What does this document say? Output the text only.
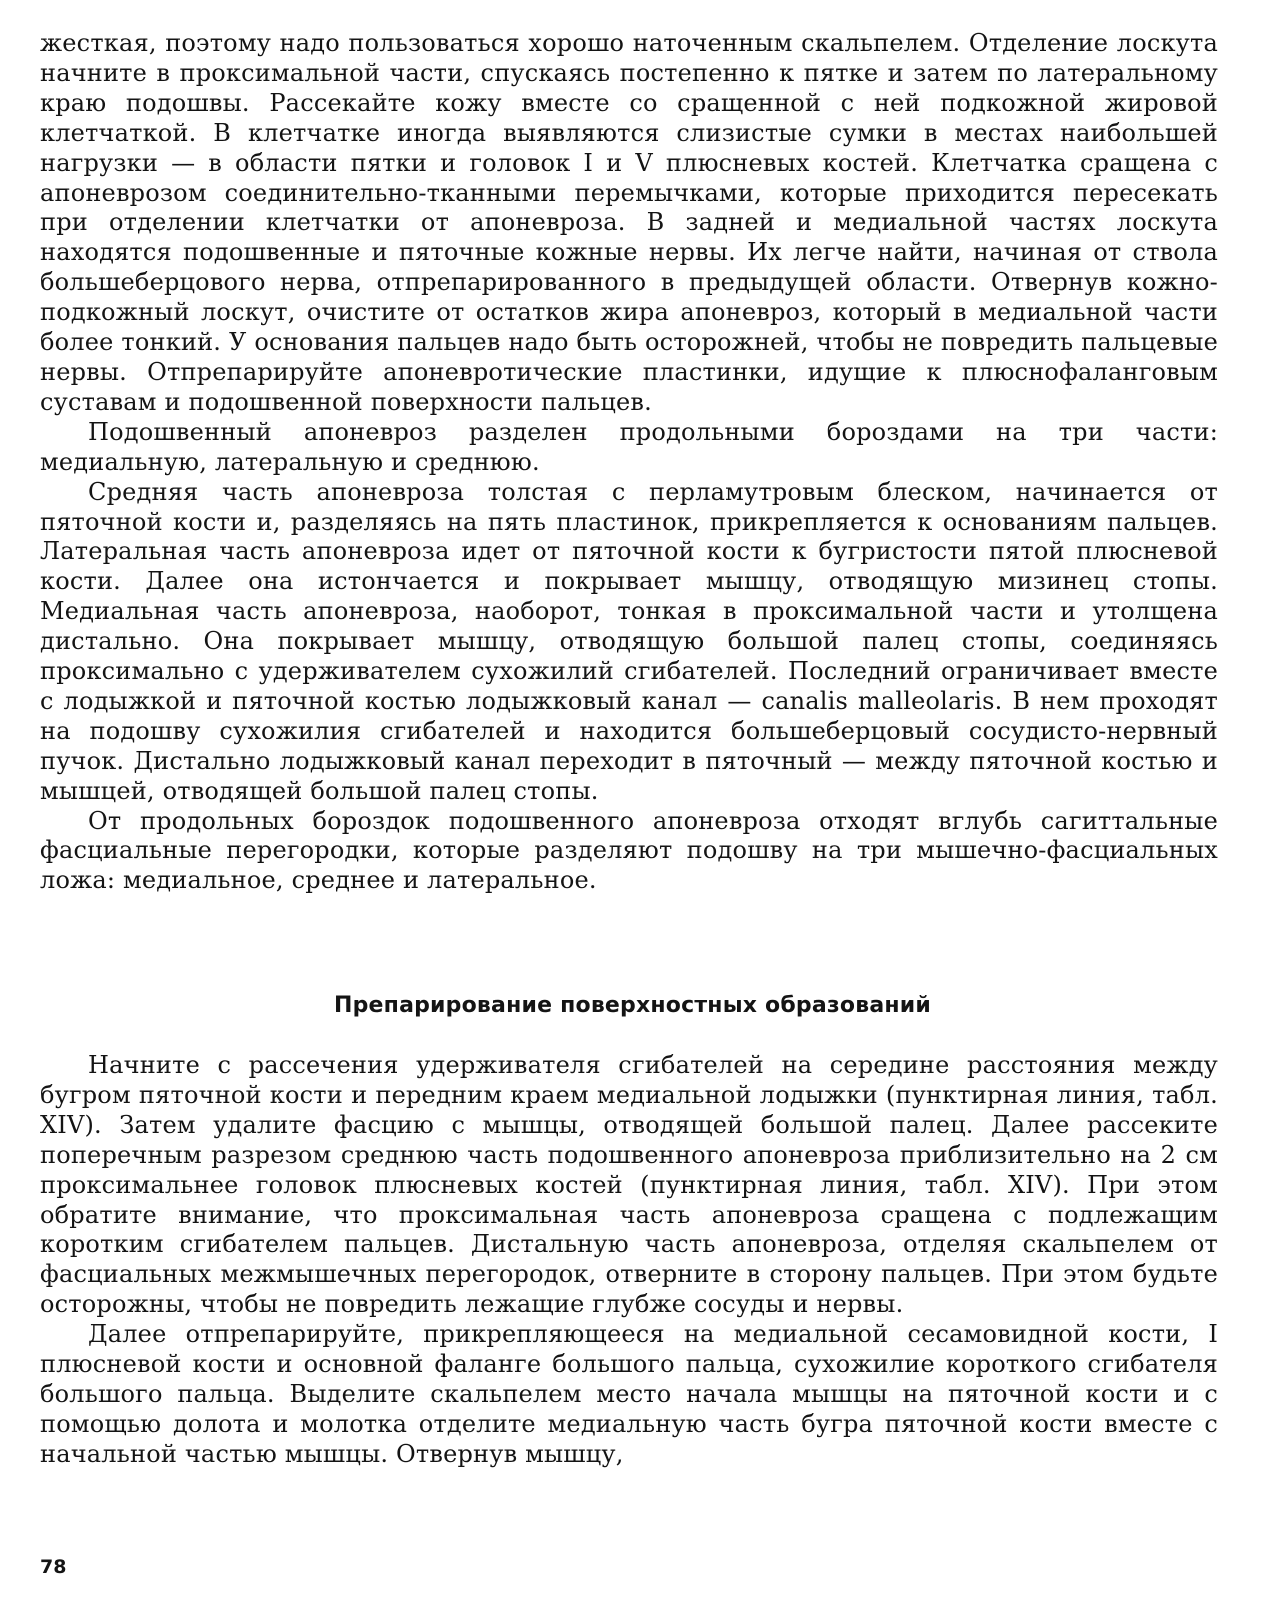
жесткая, поэтому надо пользоваться хорошо наточенным скальпелем. Отделение лоскута начните в проксимальной части, спускаясь постепенно к пятке и затем по латеральному краю подошвы. Рассекайте кожу вместе со сращенной с ней подкожной жировой клетчаткой. В клетчатке иногда выявляются слизистые сумки в местах наибольшей нагрузки — в области пятки и головок I и V плюсневых костей. Клетчатка сращена с апоневрозом соединительно-тканными перемычками, которые приходится пересекать при отделении клетчатки от апоневроза. В задней и медиальной частях лоскута находятся подошвенные и пяточные кожные нервы. Их легче найти, начиная от ствола большеберцового нерва, отпрепарированного в предыдущей области. Отвернув кожно-подкожный лоскут, очистите от остатков жира апоневроз, который в медиальной части более тонкий. У основания пальцев надо быть осторожней, чтобы не повредить пальцевые нервы. Отпрепарируйте апоневротические пластинки, идущие к плюснофаланговым суставам и подошвенной поверхности пальцев.

Подошвенный апоневроз разделен продольными бороздами на три части: медиальную, латеральную и среднюю.

Средняя часть апоневроза толстая с перламутровым блеском, начинается от пяточной кости и, разделяясь на пять пластинок, прикрепляется к основаниям пальцев. Латеральная часть апоневроза идет от пяточной кости к бугристости пятой плюсневой кости. Далее она истончается и покрывает мышцу, отводящую мизинец стопы. Медиальная часть апоневроза, наоборот, тонкая в проксимальной части и утолщена дистально. Она покрывает мышцу, отводящую большой палец стопы, соединяясь проксимально с удерживателем сухожилий сгибателей. Последний ограничивает вместе с лодыжкой и пяточной костью лодыжковый канал — canalis malleolaris. В нем проходят на подошву сухожилия сгибателей и находится большеберцовый сосудисто-нервный пучок. Дистально лодыжковый канал переходит в пяточный — между пяточной костью и мышцей, отводящей большой палец стопы.

От продольных бороздок подошвенного апоневроза отходят вглубь сагиттальные фасциальные перегородки, которые разделяют подошву на три мышечно-фасциальных ложа: медиальное, среднее и латеральное.

Препарирование поверхностных образований

Начните с рассечения удерживателя сгибателей на середине расстояния между бугром пяточной кости и передним краем медиальной лодыжки (пунктирная линия, табл. XIV). Затем удалите фасцию с мышцы, отводящей большой палец. Далее рассеките поперечным разрезом среднюю часть подошвенного апоневроза приблизительно на 2 см проксимальнее головок плюсневых костей (пунктирная линия, табл. XIV). При этом обратите внимание, что проксимальная часть апоневроза сращена с подлежащим коротким сгибателем пальцев. Дистальную часть апоневроза, отделяя скальпелем от фасциальных межмышечных перегородок, отверните в сторону пальцев. При этом будьте осторожны, чтобы не повредить лежащие глубже сосуды и нервы.

Далее отпрепарируйте, прикрепляющееся на медиальной сесамовидной кости, I плюсневой кости и основной фаланге большого пальца, сухожилие короткого сгибателя большого пальца. Выделите скальпелем место начала мышцы на пяточной кости и с помощью долота и молотка отделите медиальную часть бугра пяточной кости вместе с начальной частью мышцы. Отвернув мышцу,

78
